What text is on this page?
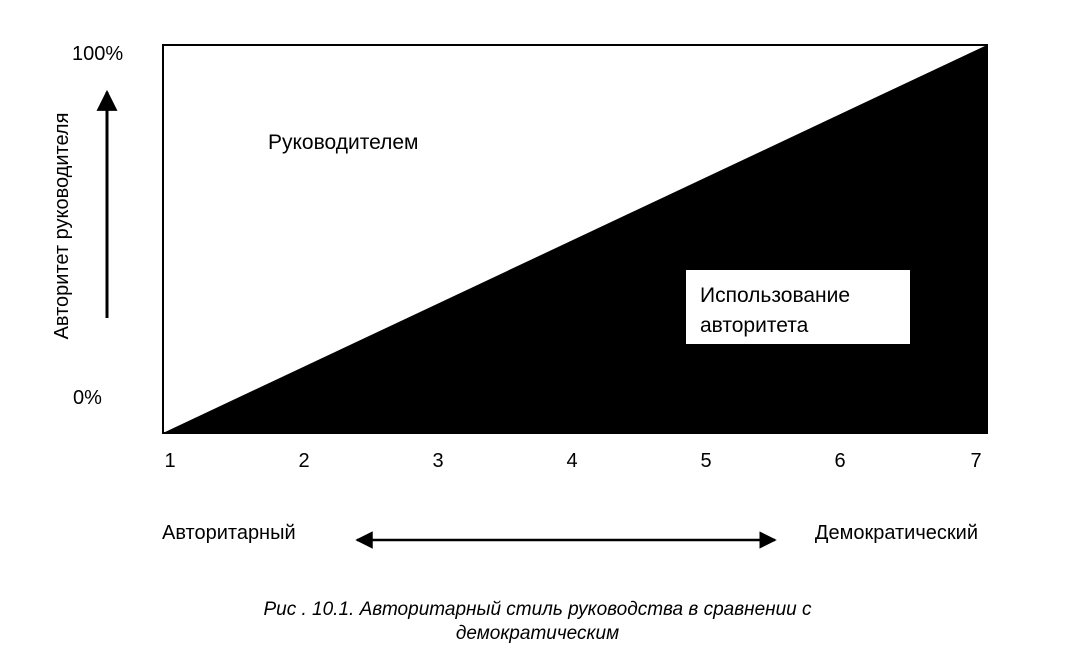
Авторитет руководителя
100%
0%
Руководителем
Использование
авторитета
1	2	3	4	5	6	7
Авторитарный	Демократический
Рис . 10.1. Авторитарный стиль руководства в сравнении с
демократическим
